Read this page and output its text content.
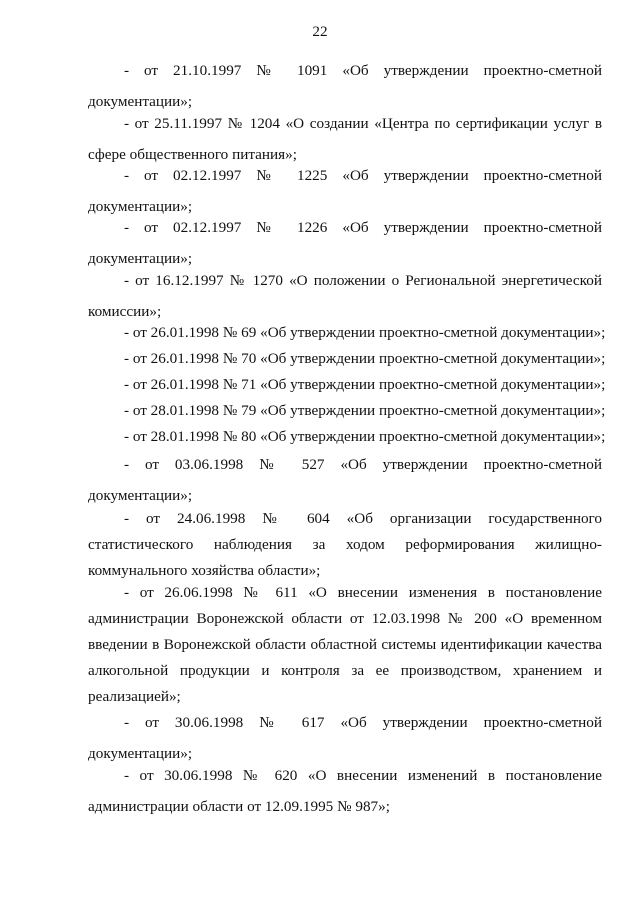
22
- от 21.10.1997 № 1091 «Об утверждении проектно-сметной
документации»;
- от 25.11.1997 № 1204 «О создании «Центра по сертификации услуг в
сфере общественного питания»;
- от 02.12.1997 № 1225 «Об утверждении проектно-сметной
документации»;
- от 02.12.1997 № 1226 «Об утверждении проектно-сметной
документации»;
- от 16.12.1997 № 1270 «О положении о Региональной энергетической
комиссии»;
- от 26.01.1998 № 69 «Об утверждении проектно-сметной документации»;
- от 26.01.1998 № 70 «Об утверждении проектно-сметной документации»;
- от 26.01.1998 № 71 «Об утверждении проектно-сметной документации»;
- от 28.01.1998 № 79 «Об утверждении проектно-сметной документации»;
- от 28.01.1998 № 80 «Об утверждении проектно-сметной документации»;
- от 03.06.1998 № 527 «Об утверждении проектно-сметной
документации»;
- от 24.06.1998 № 604 «Об организации государственного
статистического наблюдения за ходом реформирования жилищно-
коммунального хозяйства области»;
- от 26.06.1998 № 611 «О внесении изменения в постановление
администрации Воронежской области от 12.03.1998 № 200 «О временном
введении в Воронежской области областной системы идентификации качества
алкогольной продукции и контроля за ее производством, хранением и
реализацией»;
- от 30.06.1998 № 617 «Об утверждении проектно-сметной
документации»;
- от 30.06.1998 № 620 «О внесении изменений в постановление
администрации области от 12.09.1995 № 987»;
